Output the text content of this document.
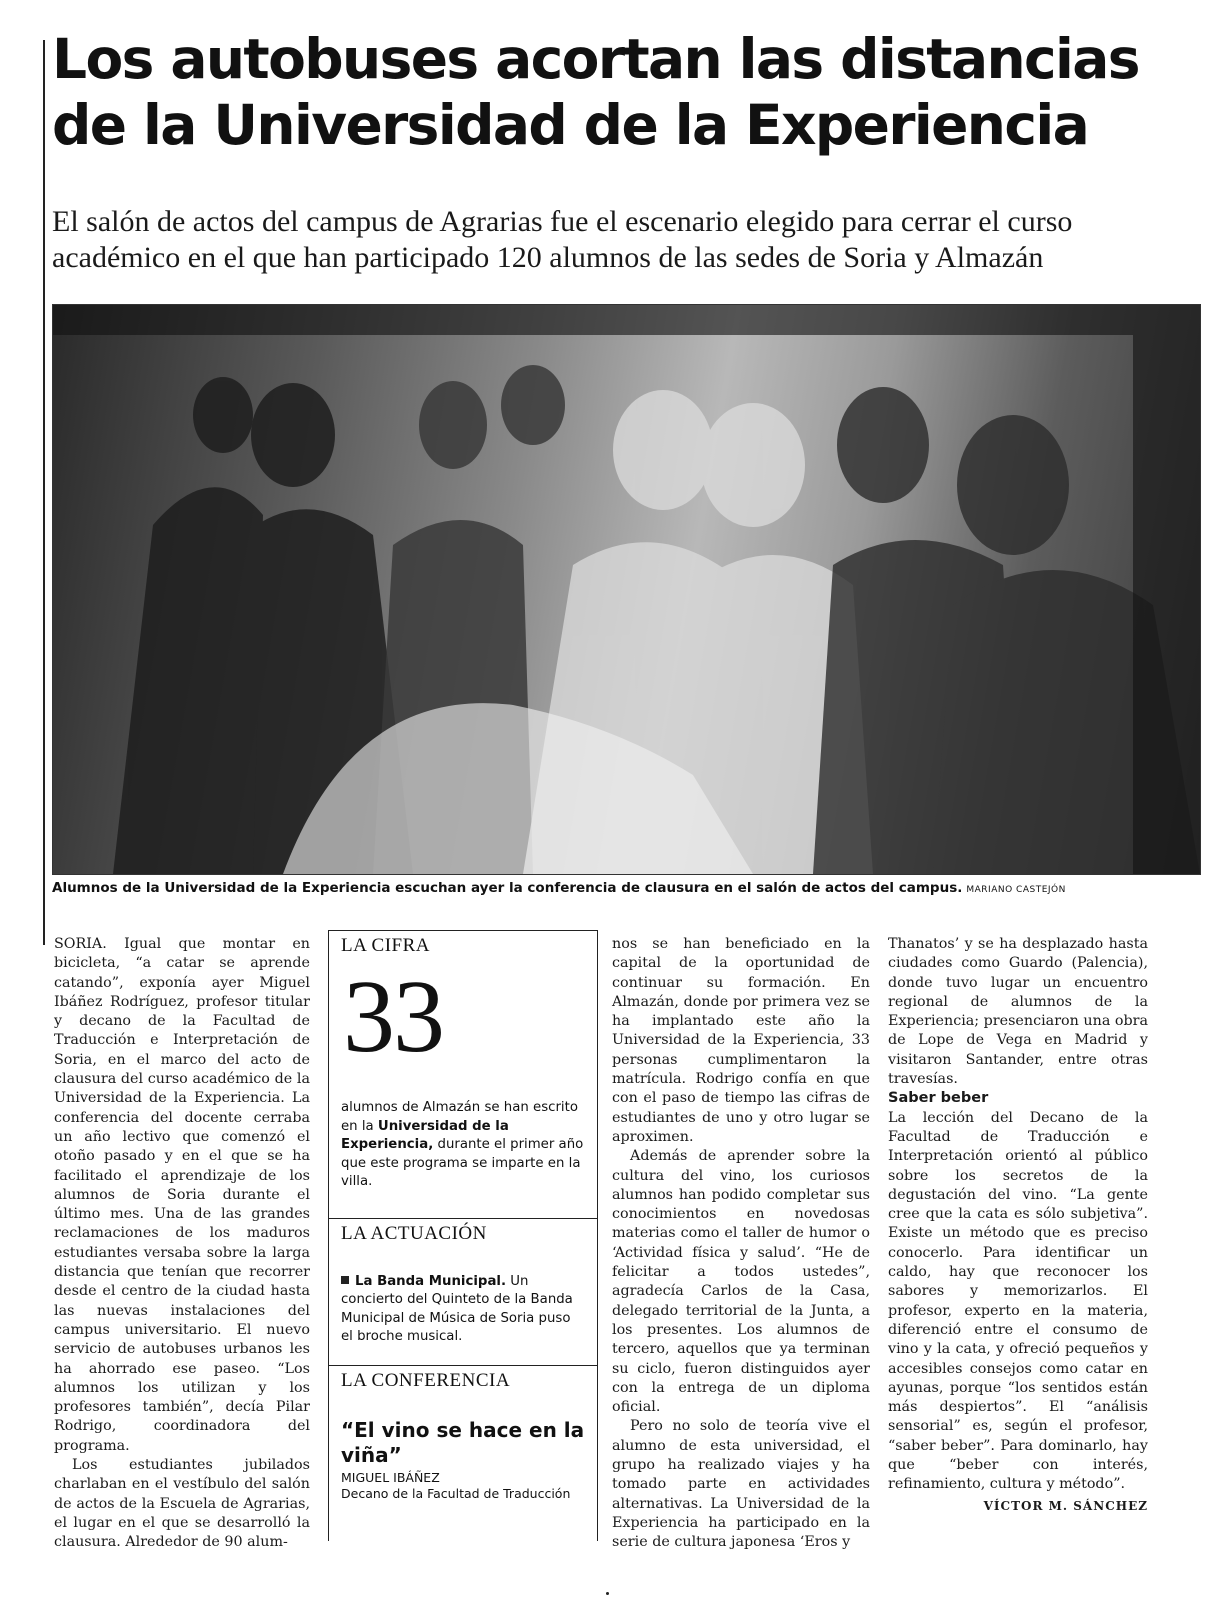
Los autobuses acortan las distancias
de la Universidad de la Experiencia
El salón de actos del campus de Agrarias fue el escenario elegido para cerrar el curso académico en el que han participado 120 alumnos de las sedes de Soria y Almazán
Alumnos de la Universidad de la Experiencia escuchan ayer la conferencia de clausura en el salón de actos del campus. MARIANO CASTEJÓN

SORIA. Igual que montar en bicicleta, “a catar se aprende catando”, exponía ayer Miguel Ibáñez Rodríguez, profesor titular y decano de la Facultad de Traducción e Interpretación de Soria, en el marco del acto de clausura del curso académico de la Universidad de la Experiencia. La conferencia del docente cerraba un año lectivo que comenzó el otoño pasado y en el que se ha facilitado el aprendizaje de los alumnos de Soria durante el último mes. Una de las grandes reclamaciones de los maduros estudiantes versaba sobre la larga distancia que tenían que recorrer desde el centro de la ciudad hasta las nuevas instalaciones del campus universitario. El nuevo servicio de autobuses urbanos les ha ahorrado ese paseo. “Los alumnos los utilizan y los profesores también”, decía Pilar Rodrigo, coordinadora del programa.

Los estudiantes jubilados charlaban en el vestíbulo del salón de actos de la Escuela de Agrarias, el lugar en el que se desarrolló la clausura. Alrededor de 90 alum-

LA CIFRA
33
alumnos de Almazán se han escrito en la Universidad de la Experiencia, durante el primer año que este programa se imparte en la villa.
LA ACTUACIÓN
La Banda Municipal. Un concierto del Quinteto de la Banda Municipal de Música de Soria puso el broche musical.
LA CONFERENCIA
“El vino se hace en la viña”
MIGUEL IBÁÑEZ
Decano de la Facultad de Traducción

nos se han beneficiado en la capital de la oportunidad de continuar su formación. En Almazán, donde por primera vez se ha implantado este año la Universidad de la Experiencia, 33 personas cumplimentaron la matrícula. Rodrigo confía en que con el paso de tiempo las cifras de estudiantes de uno y otro lugar se aproximen.

Además de aprender sobre la cultura del vino, los curiosos alumnos han podido completar sus conocimientos en novedosas materias como el taller de humor o ‘Actividad física y salud’. “He de felicitar a todos ustedes”, agradecía Carlos de la Casa, delegado territorial de la Junta, a los presentes. Los alumnos de tercero, aquellos que ya terminan su ciclo, fueron distinguidos ayer con la entrega de un diploma oficial.

Pero no solo de teoría vive el alumno de esta universidad, el grupo ha realizado viajes y ha tomado parte en actividades alternativas. La Universidad de la Experiencia ha participado en la serie de cultura japonesa ‘Eros y

Thanatos’ y se ha desplazado hasta ciudades como Guardo (Palencia), donde tuvo lugar un encuentro regional de alumnos de la Experiencia; presenciaron una obra de Lope de Vega en Madrid y visitaron Santander, entre otras travesías.

Saber beber

La lección del Decano de la Facultad de Traducción e Interpretación orientó al público sobre los secretos de la degustación del vino. “La gente cree que la cata es sólo subjetiva”. Existe un método que es preciso conocerlo. Para identificar un caldo, hay que reconocer los sabores y memorizarlos. El profesor, experto en la materia, diferenció entre el consumo de vino y la cata, y ofreció pequeños y accesibles consejos como catar en ayunas, porque “los sentidos están más despiertos”. El “análisis sensorial” es, según el profesor, “saber beber”. Para dominarlo, hay que “beber con interés, refinamiento, cultura y método”.

VÍCTOR M. SÁNCHEZ
